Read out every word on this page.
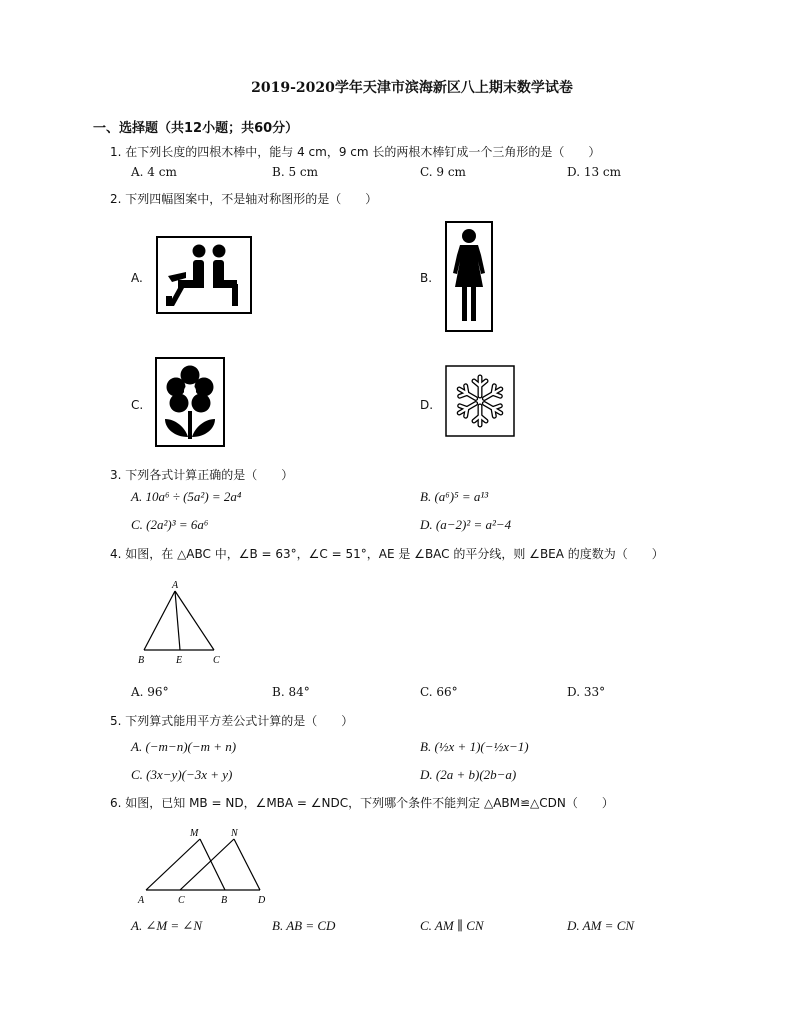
2019-2020学年天津市滨海新区八上期末数学试卷
一、选择题（共12小题；共60分）
1. 在下列长度的四根木棒中，能与 4 cm，9 cm 长的两根木棒钉成一个三角形的是（　　）
A. 4 cm	B. 5 cm	C. 9 cm	D. 13 cm
2. 下列四幅图案中，不是轴对称图形的是（　　）
A.	B.
C.	D.
3. 下列各式计算正确的是（　　）
A. 10a⁶ ÷ (5a²) = 2a⁴	B. (a⁶)⁵ = a¹³
C. (2a²)³ = 6a⁶	D. (a−2)² = a²−4
4. 如图，在 △ABC 中，∠B = 63°，∠C = 51°，AE 是 ∠BAC 的平分线，则 ∠BEA 的度数为（　　）
A
B	E	C
A. 96°	B. 84°	C. 66°	D. 33°
5. 下列算式能用平方差公式计算的是（　　）
A. (−m−n)(−m + n)	B. (½x + 1)(−½x−1)
C. (3x−y)(−3x + y)	D. (2a + b)(2b−a)
6. 如图，已知 MB = ND，∠MBA = ∠NDC，下列哪个条件不能判定 △ABM≌△CDN（　　）
M	N
A	C	B	D
A. ∠M = ∠N	B. AB = CD	C. AM ∥ CN	D. AM = CN
